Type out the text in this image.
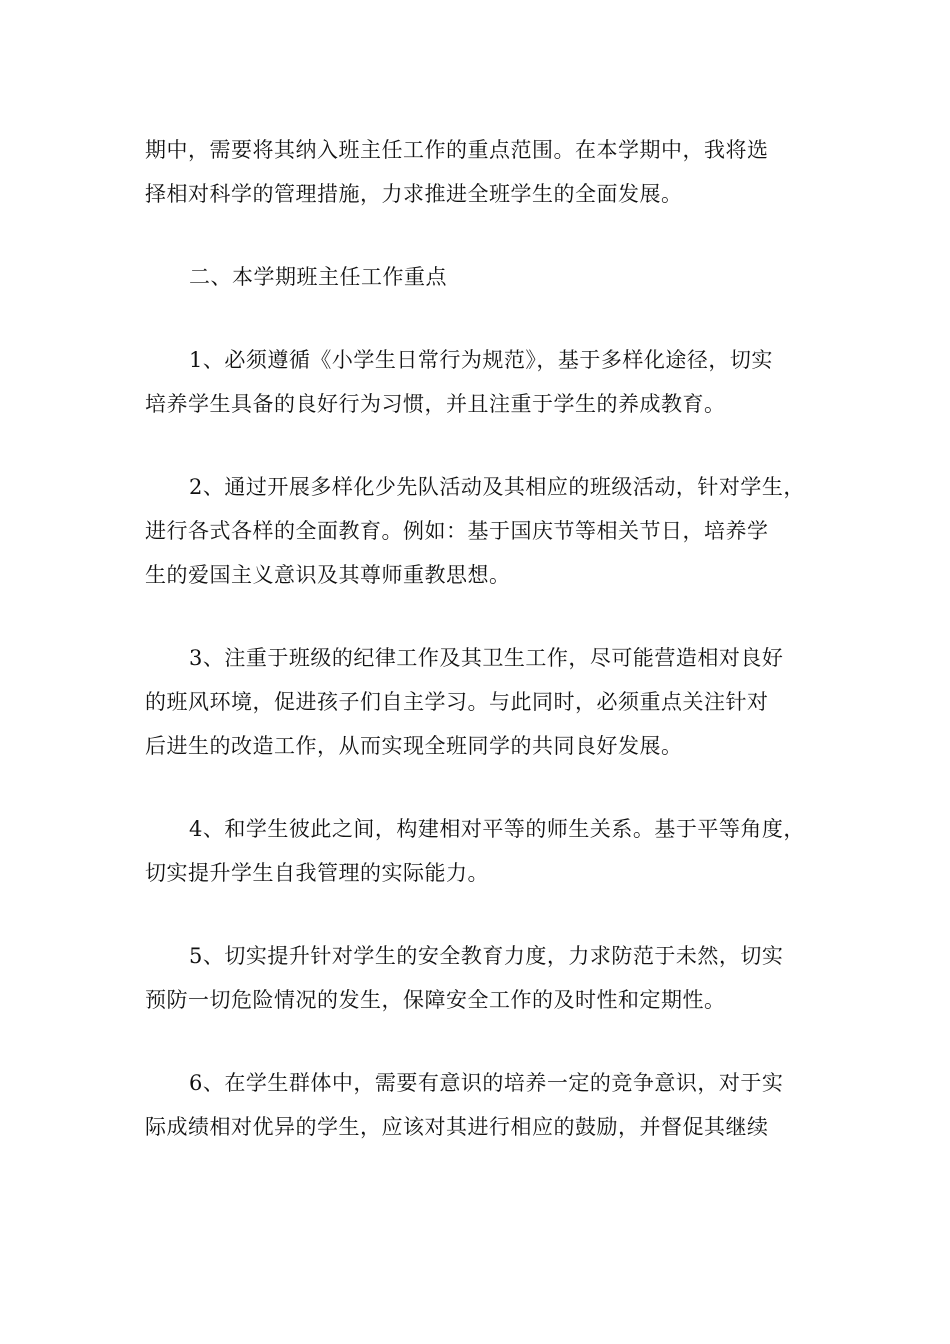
期中，需要将其纳入班主任工作的重点范围。在本学期中，我将选
择相对科学的管理措施，力求推进全班学生的全面发展。
二、本学期班主任工作重点
1、必须遵循《小学生日常行为规范》，基于多样化途径，切实
培养学生具备的良好行为习惯，并且注重于学生的养成教育。
2、通过开展多样化少先队活动及其相应的班级活动，针对学生，
进行各式各样的全面教育。例如：基于国庆节等相关节日，培养学
生的爱国主义意识及其尊师重教思想。
3、注重于班级的纪律工作及其卫生工作，尽可能营造相对良好
的班风环境，促进孩子们自主学习。与此同时，必须重点关注针对
后进生的改造工作，从而实现全班同学的共同良好发展。
4、和学生彼此之间，构建相对平等的师生关系。基于平等角度，
切实提升学生自我管理的实际能力。
5、切实提升针对学生的安全教育力度，力求防范于未然，切实
预防一切危险情况的发生，保障安全工作的及时性和定期性。
6、在学生群体中，需要有意识的培养一定的竞争意识，对于实
际成绩相对优异的学生，应该对其进行相应的鼓励，并督促其继续
